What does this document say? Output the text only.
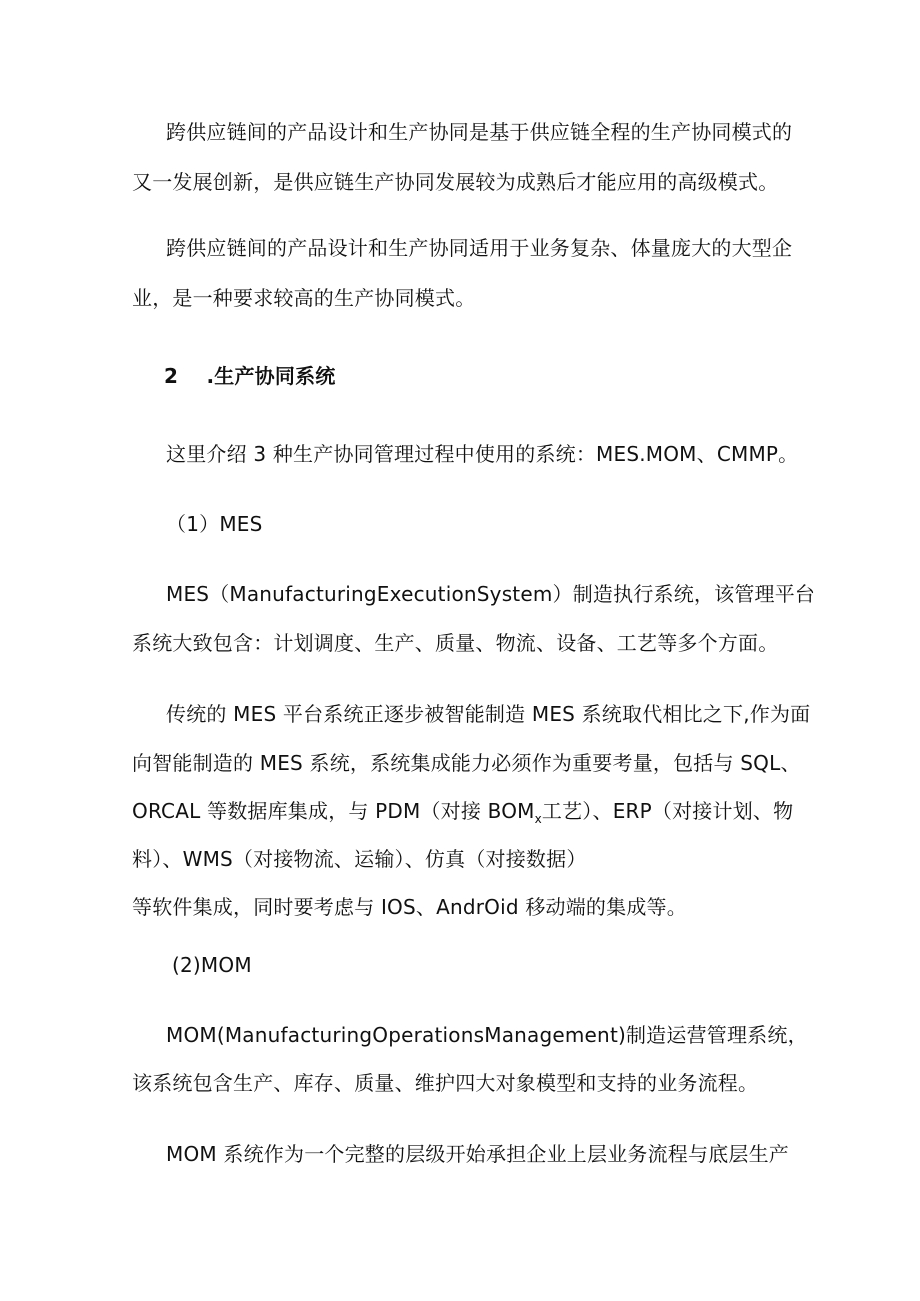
跨供应链间的产品设计和生产协同是基于供应链全程的生产协同模式的
又一发展创新，是供应链生产协同发展较为成熟后才能应用的高级模式。
跨供应链间的产品设计和生产协同适用于业务复杂、体量庞大的大型企
业，是一种要求较高的生产协同模式。
2 .生产协同系统
这里介绍 3 种生产协同管理过程中使用的系统：MES.MOM、CMMP。
（1）MES
MES（ManufacturingExecutionSystem）制造执行系统，该管理平台
系统大致包含：计划调度、生产、质量、物流、设备、工艺等多个方面。
传统的 MES 平台系统正逐步被智能制造 MES 系统取代相比之下,作为面
向智能制造的 MES 系统，系统集成能力必须作为重要考量，包括与 SQL、
ORCAL 等数据库集成，与 PDM（对接 $BOM_x$工艺）、ERP（对接计划、物
料）、WMS（对接物流、运输）、仿真（对接数据）
等软件集成，同时要考虑与 IOS、AndrOid 移动端的集成等。
(2)MOM
MOM(ManufacturingOperationsManagement)制造运营管理系统，
该系统包含生产、库存、质量、维护四大对象模型和支持的业务流程。
MOM 系统作为一个完整的层级开始承担企业上层业务流程与底层生产
